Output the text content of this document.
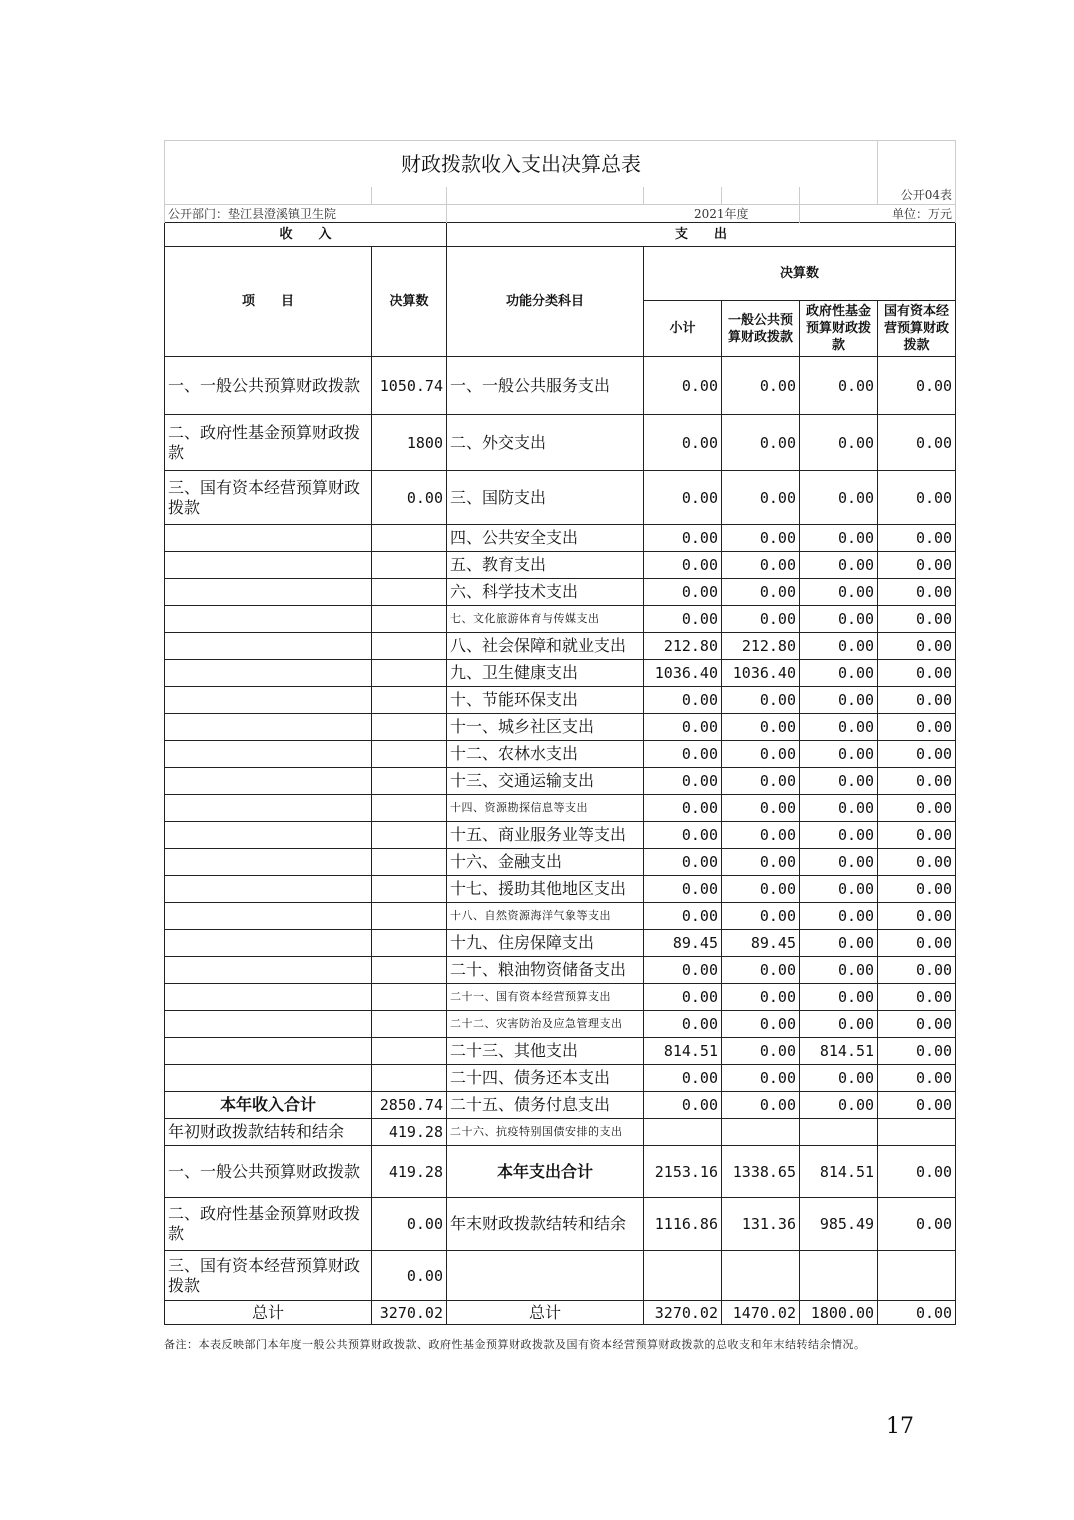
财政拨款收入支出决算总表						
						公开04表
公开部门：垫江县澄溪镇卫生院			2021年度			单位：万元
收　　入		支　　出				
项　　目	决算数	功能分类科目	决算数			
			小计	一般公共预算财政拨款	政府性基金预算财政拨款	国有资本经营预算财政拨款
一、一般公共预算财政拨款	1050.74	一、一般公共服务支出	0.00	0.00	0.00	0.00
二、政府性基金预算财政拨款	1800	二、外交支出	0.00	0.00	0.00	0.00
三、国有资本经营预算财政拨款	0.00	三、国防支出	0.00	0.00	0.00	0.00
		四、公共安全支出	0.00	0.00	0.00	0.00
		五、教育支出	0.00	0.00	0.00	0.00
		六、科学技术支出	0.00	0.00	0.00	0.00
		七、文化旅游体育与传媒支出	0.00	0.00	0.00	0.00
		八、社会保障和就业支出	212.80	212.80	0.00	0.00
		九、卫生健康支出	1036.40	1036.40	0.00	0.00
		十、节能环保支出	0.00	0.00	0.00	0.00
		十一、城乡社区支出	0.00	0.00	0.00	0.00
		十二、农林水支出	0.00	0.00	0.00	0.00
		十三、交通运输支出	0.00	0.00	0.00	0.00
		十四、资源勘探信息等支出	0.00	0.00	0.00	0.00
		十五、商业服务业等支出	0.00	0.00	0.00	0.00
		十六、金融支出	0.00	0.00	0.00	0.00
		十七、援助其他地区支出	0.00	0.00	0.00	0.00
		十八、自然资源海洋气象等支出	0.00	0.00	0.00	0.00
		十九、住房保障支出	89.45	89.45	0.00	0.00
		二十、粮油物资储备支出	0.00	0.00	0.00	0.00
		二十一、国有资本经营预算支出	0.00	0.00	0.00	0.00
		二十二、灾害防治及应急管理支出	0.00	0.00	0.00	0.00
		二十三、其他支出	814.51	0.00	814.51	0.00
		二十四、债务还本支出	0.00	0.00	0.00	0.00
本年收入合计	2850.74	二十五、债务付息支出	0.00	0.00	0.00	0.00
年初财政拨款结转和结余	419.28	二十六、抗疫特别国债安排的支出				
一、一般公共预算财政拨款	419.28	本年支出合计	2153.16	1338.65	814.51	0.00
二、政府性基金预算财政拨款	0.00	年末财政拨款结转和结余	1116.86	131.36	985.49	0.00
三、国有资本经营预算财政拨款	0.00					
总计	3270.02	总计	3270.02	1470.02	1800.00	0.00
备注：本表反映部门本年度一般公共预算财政拨款、政府性基金预算财政拨款及国有资本经营预算财政拨款的总收支和年末结转结余情况。
17
